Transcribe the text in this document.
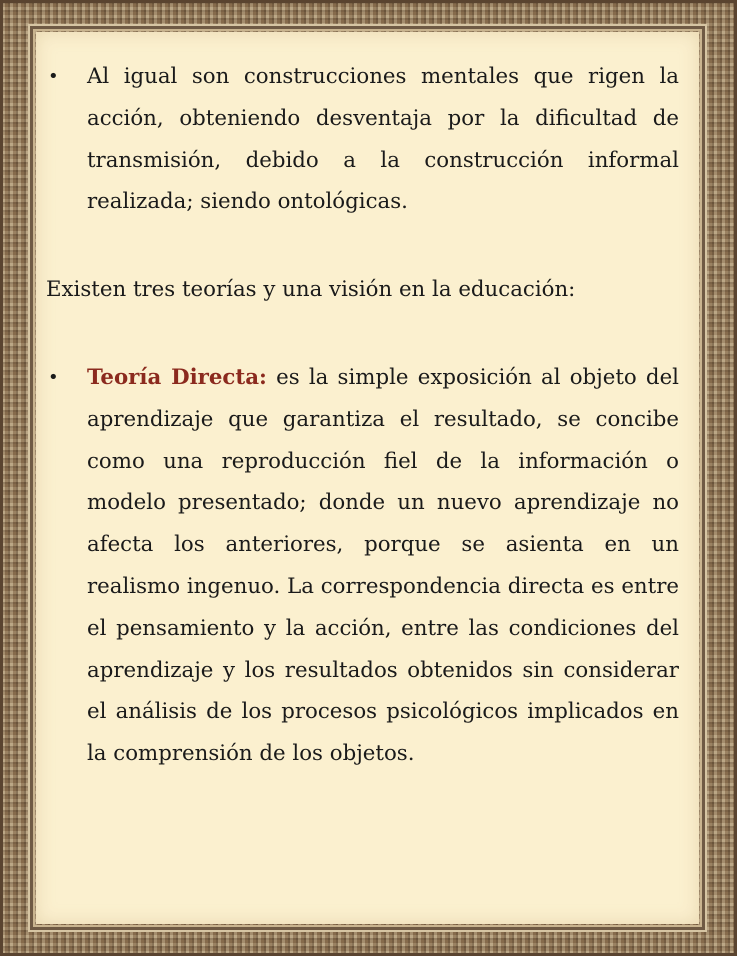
• Al igual son construcciones mentales que rigen la acción, obteniendo desventaja por la dificultad de transmisión, debido a la construcción informal realizada; siendo ontológicas.

Existen tres teorías y una visión en la educación:

• Teoría Directa: es la simple exposición al objeto del aprendizaje que garantiza el resultado, se concibe como una reproducción fiel de la información o modelo presentado; donde un nuevo aprendizaje no afecta los anteriores, porque se asienta en un realismo ingenuo. La correspondencia directa es entre el pensamiento y la acción, entre las condiciones del aprendizaje y los resultados obtenidos sin considerar el análisis de los procesos psicológicos implicados en la comprensión de los objetos.
